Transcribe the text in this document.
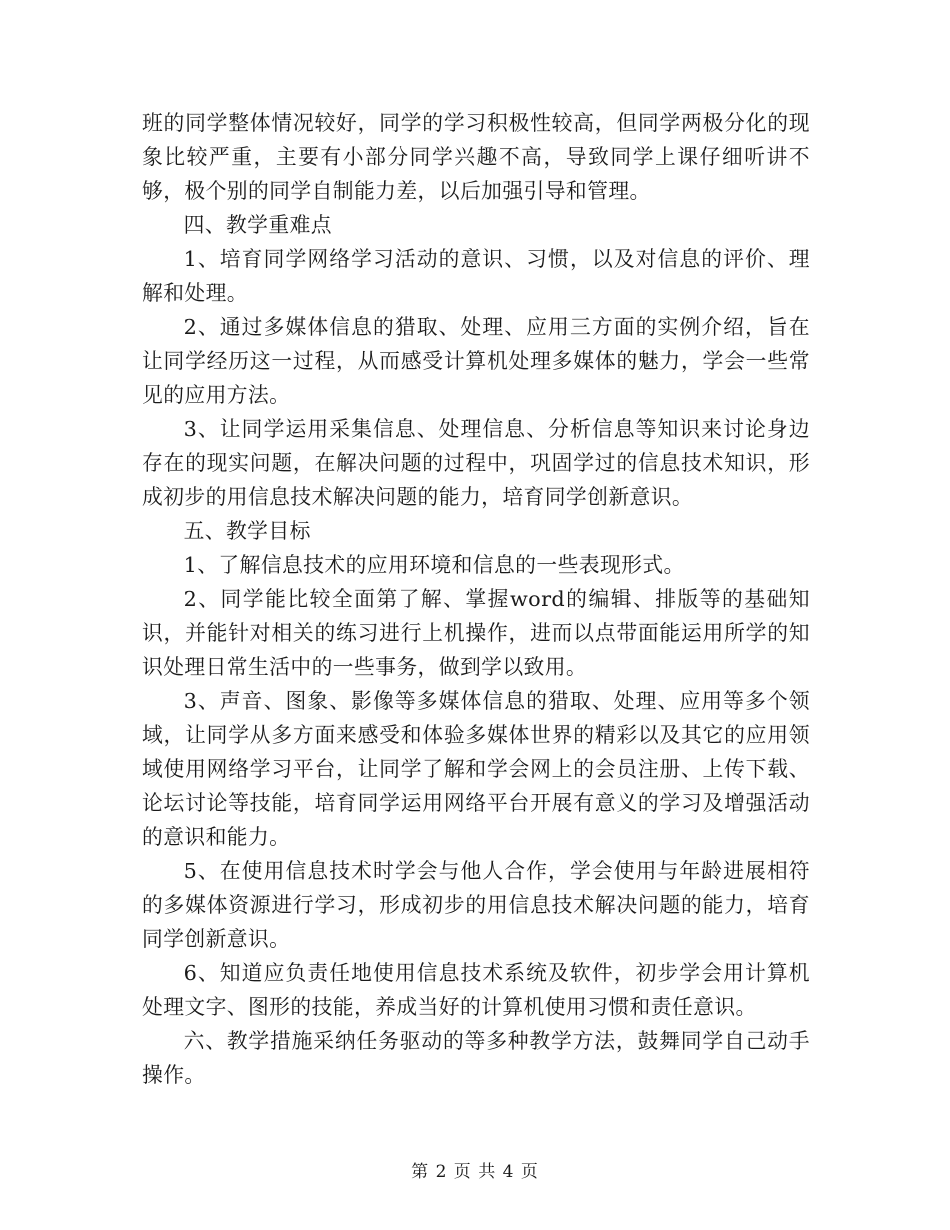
班的同学整体情况较好，同学的学习积极性较高，但同学两极分化的现象比较严重，主要有小部分同学兴趣不高，导致同学上课仔细听讲不够，极个别的同学自制能力差，以后加强引导和管理。

四、教学重难点

1、培育同学网络学习活动的意识、习惯，以及对信息的评价、理解和处理。

2、通过多媒体信息的猎取、处理、应用三方面的实例介绍，旨在让同学经历这一过程，从而感受计算机处理多媒体的魅力，学会一些常见的应用方法。

3、让同学运用采集信息、处理信息、分析信息等知识来讨论身边存在的现实问题，在解决问题的过程中，巩固学过的信息技术知识，形成初步的用信息技术解决问题的能力，培育同学创新意识。

五、教学目标

1、了解信息技术的应用环境和信息的一些表现形式。

2、同学能比较全面第了解、掌握word的编辑、排版等的基础知识，并能针对相关的练习进行上机操作，进而以点带面能运用所学的知识处理日常生活中的一些事务，做到学以致用。

3、声音、图象、影像等多媒体信息的猎取、处理、应用等多个领域，让同学从多方面来感受和体验多媒体世界的精彩以及其它的应用领域使用网络学习平台，让同学了解和学会网上的会员注册、上传下载、论坛讨论等技能，培育同学运用网络平台开展有意义的学习及增强活动的意识和能力。

5、在使用信息技术时学会与他人合作，学会使用与年龄进展相符的多媒体资源进行学习，形成初步的用信息技术解决问题的能力，培育同学创新意识。

6、知道应负责任地使用信息技术系统及软件，初步学会用计算机处理文字、图形的技能，养成当好的计算机使用习惯和责任意识。

六、教学措施采纳任务驱动的等多种教学方法，鼓舞同学自己动手操作。

第 2 页 共 4 页
